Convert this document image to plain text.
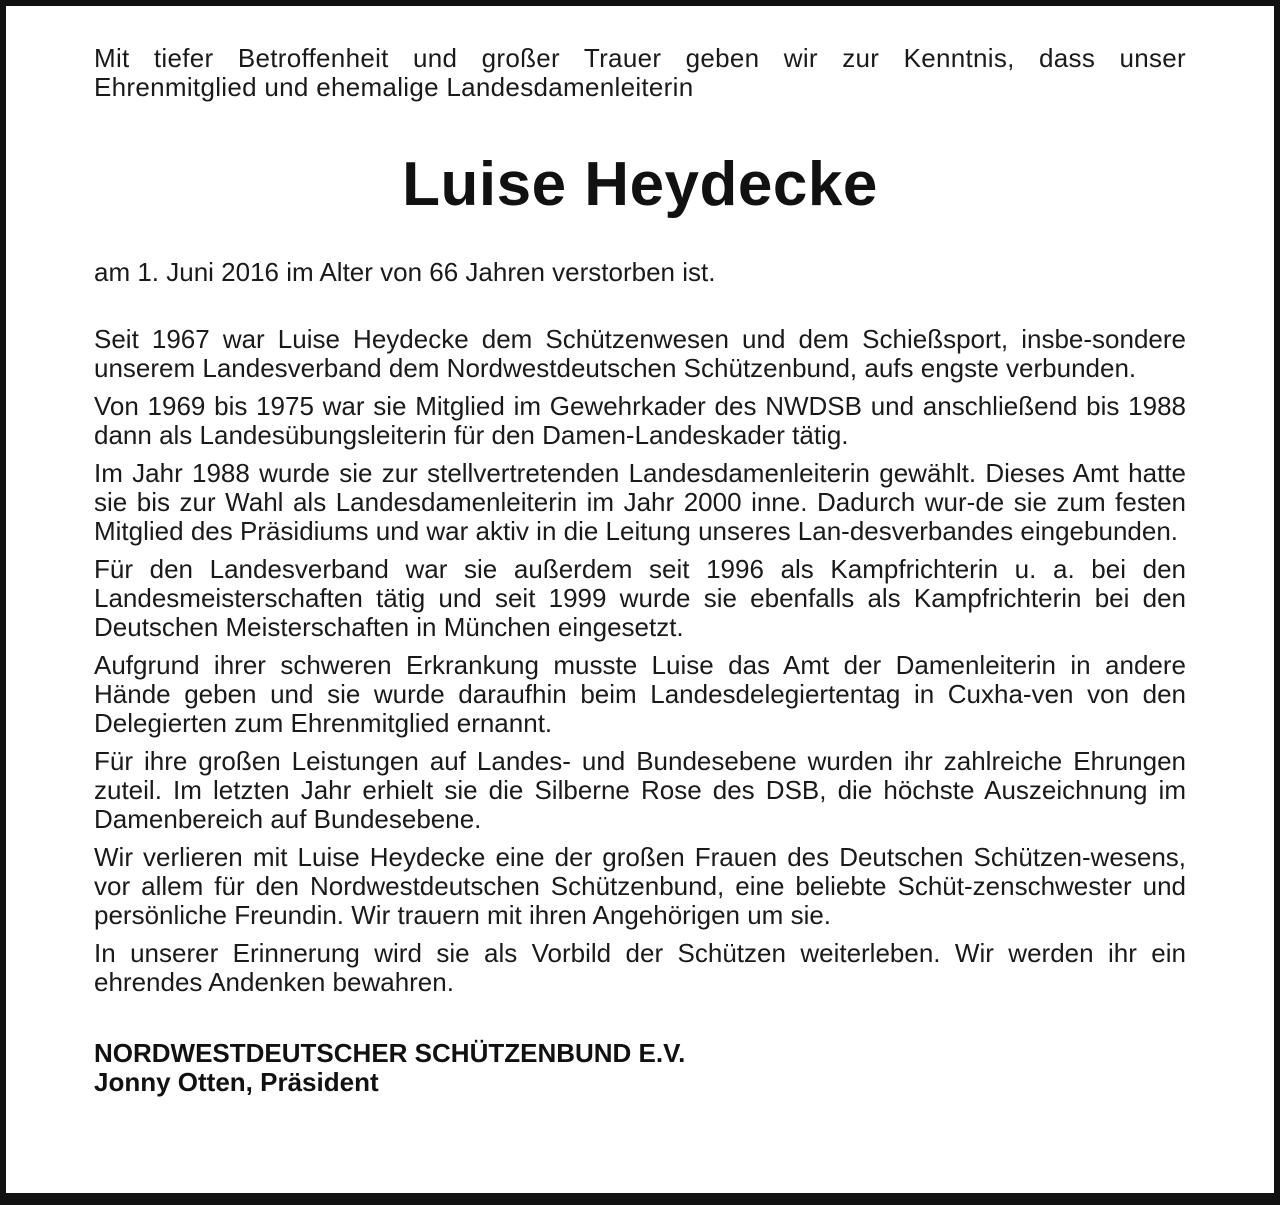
Mit tiefer Betroffenheit und großer Trauer geben wir zur Kenntnis, dass unser
Ehrenmitglied und ehemalige Landesdamenleiterin

Luise Heydecke

am 1. Juni 2016 im Alter von 66 Jahren verstorben ist.

Seit 1967 war Luise Heydecke dem Schützenwesen und dem Schießsport, insbe-sondere unserem Landesverband dem Nordwestdeutschen Schützenbund, aufs engste verbunden.

Von 1969 bis 1975 war sie Mitglied im Gewehrkader des NWDSB und anschließend bis 1988 dann als Landesübungsleiterin für den Damen-Landeskader tätig.

Im Jahr 1988 wurde sie zur stellvertretenden Landesdamenleiterin gewählt. Dieses Amt hatte sie bis zur Wahl als Landesdamenleiterin im Jahr 2000 inne. Dadurch wur-de sie zum festen Mitglied des Präsidiums und war aktiv in die Leitung unseres Lan-desverbandes eingebunden.

Für den Landesverband war sie außerdem seit 1996 als Kampfrichterin u. a. bei den Landesmeisterschaften tätig und seit 1999 wurde sie ebenfalls als Kampfrichterin bei den Deutschen Meisterschaften in München eingesetzt.

Aufgrund ihrer schweren Erkrankung musste Luise das Amt der Damenleiterin in andere Hände geben und sie wurde daraufhin beim Landesdelegiertentag in Cuxha-ven von den Delegierten zum Ehrenmitglied ernannt.

Für ihre großen Leistungen auf Landes- und Bundesebene wurden ihr zahlreiche Ehrungen zuteil. Im letzten Jahr erhielt sie die Silberne Rose des DSB, die höchste Auszeichnung im Damenbereich auf Bundesebene.

Wir verlieren mit Luise Heydecke eine der großen Frauen des Deutschen Schützen-wesens, vor allem für den Nordwestdeutschen Schützenbund, eine beliebte Schüt-zenschwester und persönliche Freundin. Wir trauern mit ihren Angehörigen um sie.

In unserer Erinnerung wird sie als Vorbild der Schützen weiterleben. Wir werden ihr ein ehrendes Andenken bewahren.

NORDWESTDEUTSCHER SCHÜTZENBUND E.V.
Jonny Otten, Präsident
